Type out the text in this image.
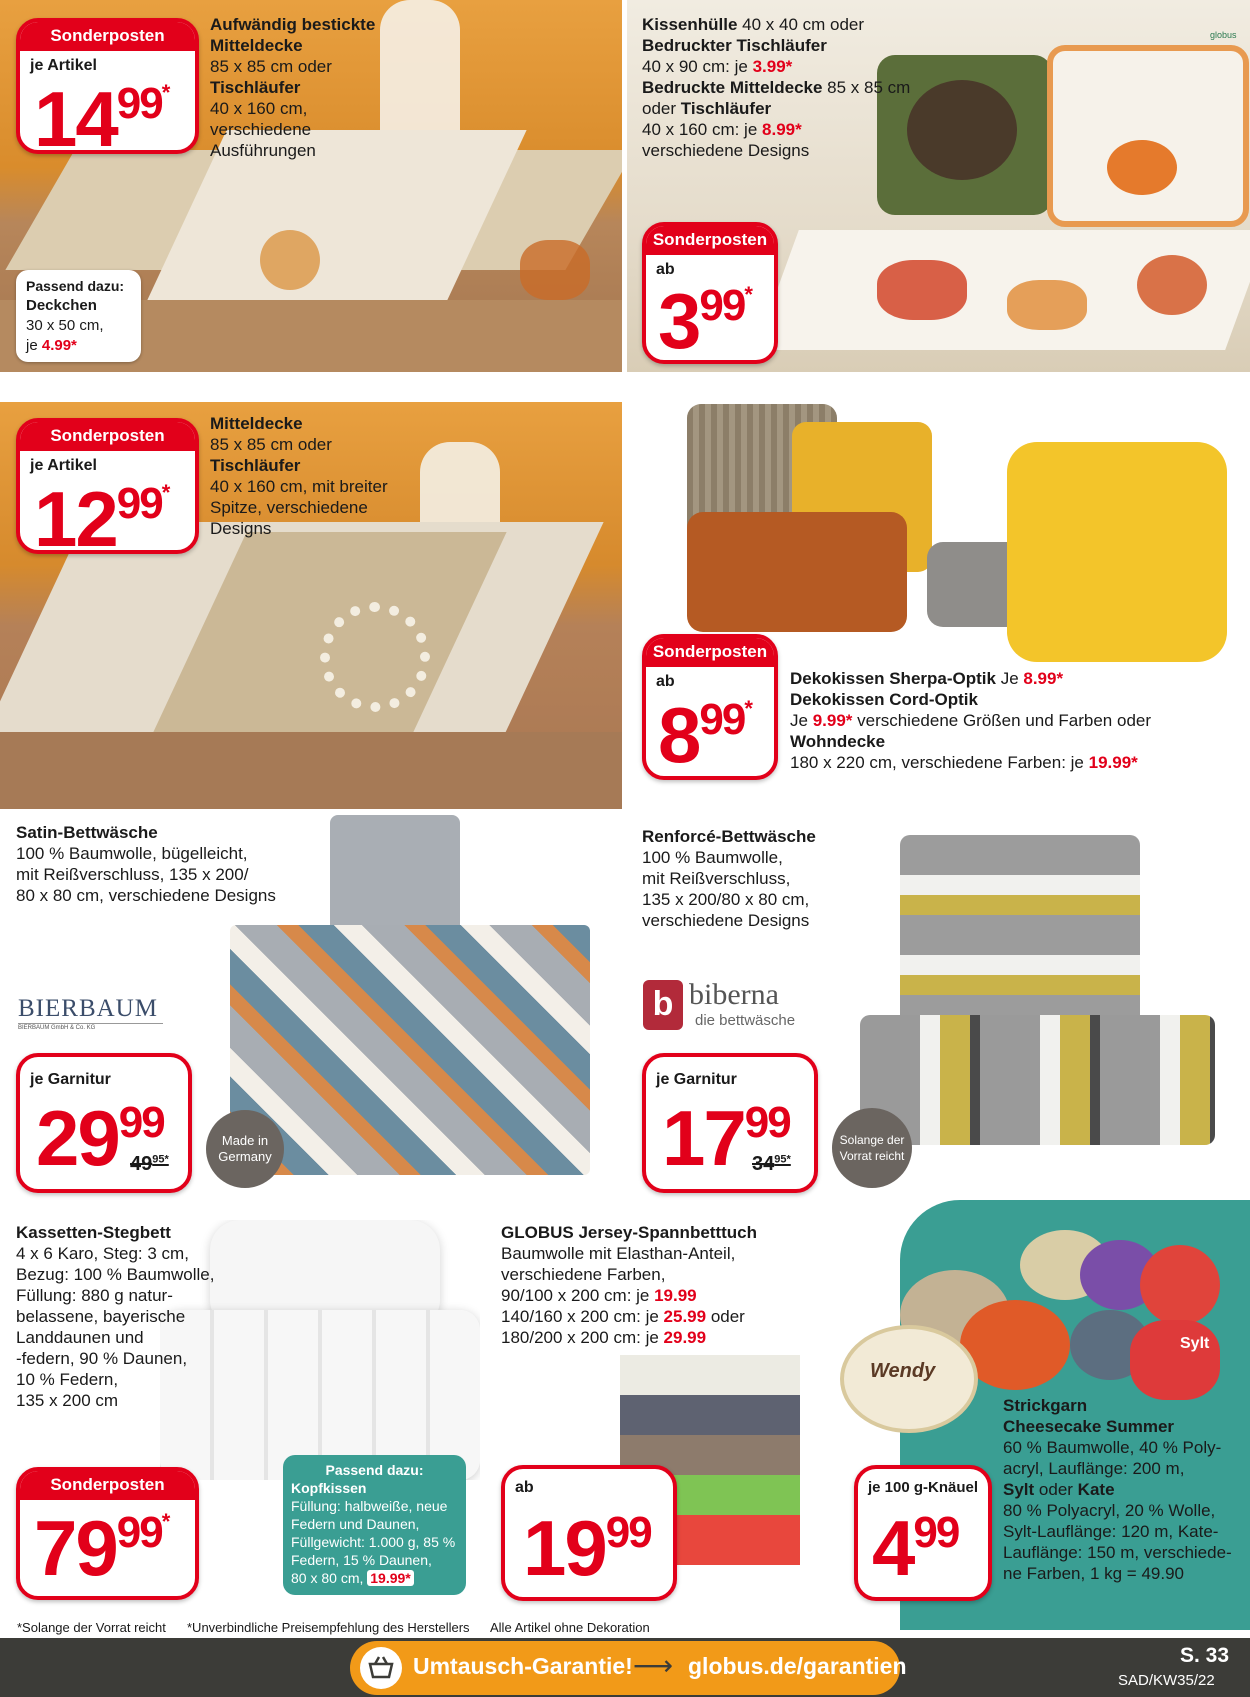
Wendy
Sylt
globus
Sonderposten
je Artikel
1499*
Aufwändig bestickte Mitteldecke
85 x 85 cm oder
Tischläufer
40 x 160 cm,
verschiedene
Ausführungen
Passend dazu:
Deckchen
30 x 50 cm,
je 4.99*
Kissenhülle 40 x 40 cm oder
Bedruckter Tischläufer
40 x 90 cm: je 3.99*
Bedruckte Mitteldecke 85 x 85 cm
oder Tischläufer
40 x 160 cm: je 8.99*
verschiedene Designs
Sonderposten
ab
399*
Sonderposten
je Artikel
1299*
Mitteldecke
85 x 85 cm oder
Tischläufer
40 x 160 cm, mit breiter
Spitze, verschiedene
Designs
Sonderposten
ab
899*
Dekokissen Sherpa-Optik Je 8.99*
Dekokissen Cord-Optik
Je 9.99* verschiedene Größen und Farben oder
Wohndecke
180 x 220 cm, verschiedene Farben: je 19.99*
Satin-Bettwäsche
100 % Baumwolle, bügelleicht,
mit Reißverschluss, 135 x 200/
80 x 80 cm, verschiedene Designs
BIERBAUM
BIERBAUM GmbH & Co. KG
je Garnitur
2999
$49^{95*}$
Made in Germany
Renforcé-Bettwäsche
100 % Baumwolle,
mit Reißverschluss,
135 x 200/80 x 80 cm,
verschiedene Designs
b biberna
die bettwäsche
je Garnitur
1799
$34^{95*}$
Solange der Vorrat reicht
Kassetten-Stegbett
4 x 6 Karo, Steg: 3 cm,
Bezug: 100 % Baumwolle,
Füllung: 880 g natur-
belassene, bayerische
Landdaunen und
-federn, 90 % Daunen,
10 % Federn,
135 x 200 cm
Sonderposten
7999*
Passend dazu:
Kopfkissen
Füllung: halbweiße, neue
Federn und Daunen,
Füllgewicht: 1.000 g, 85 %
Federn, 15 % Daunen,
80 x 80 cm, 19.99*
GLOBUS Jersey-Spannbetttuch
Baumwolle mit Elasthan-Anteil,
verschiedene Farben,
90/100 x 200 cm: je 19.99
140/160 x 200 cm: je 25.99 oder
180/200 x 200 cm: je 29.99
ab
1999
Strickgarn
Cheesecake Summer
60 % Baumwolle, 40 % Poly-
acryl, Lauflänge: 200 m,
Sylt oder Kate
80 % Polyacryl, 20 % Wolle,
Sylt-Lauflänge: 120 m, Kate-
Lauflänge: 150 m, verschiede-
ne Farben, 1 kg = 49.90
je 100 g-Knäuel
499
*Solange der Vorrat reicht *Unverbindliche Preisempfehlung des Herstellers Alle Artikel ohne Dekoration
Umtausch-Garantie! ⟶ globus.de/garantien	S. 33
SAD/KW35/22
